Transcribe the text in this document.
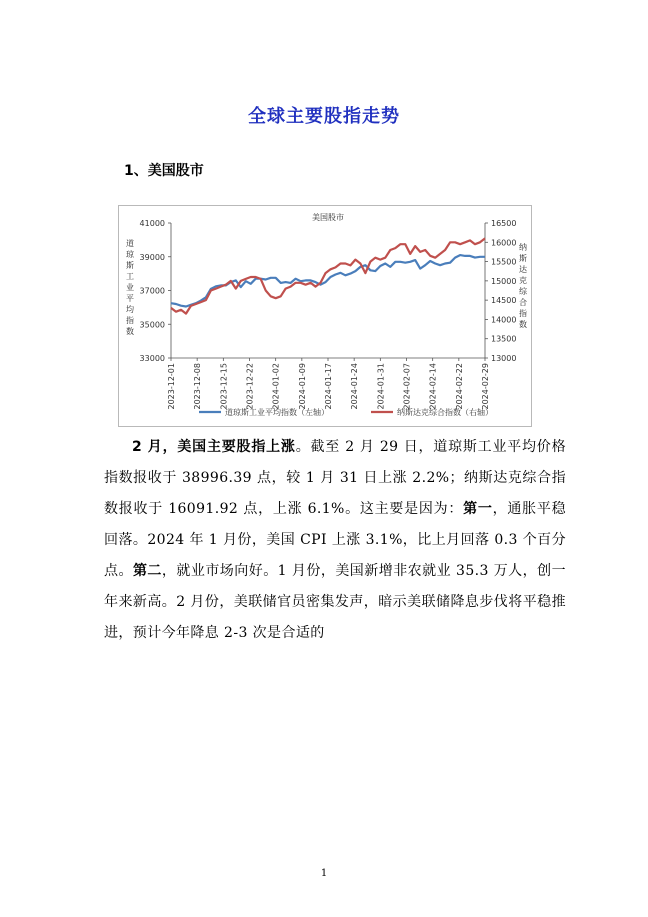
全球主要股指走势
1、美国股市
美国股市
41000
39000
37000
35000
33000
16500
16000
15500
15000
14500
14000
13500
13000
道琼斯工业平均指数
纳斯达克综合指数
2023-12-01 2023-12-08 2023-12-15 2023-12-22 2024-01-02 2024-01-09 2024-01-17 2024-01-24 2024-01-31 2024-02-07 2024-02-14 2024-02-22 2024-02-29
道琼斯工业平均指数（左轴）	纳斯达克综合指数（右轴）
2 月，美国主要股指上涨。截至 2 月 29 日，道琼斯工业平均价格指数报收于 38996.39 点，较 1 月 31 日上涨 2.2%；纳斯达克综合指数报收于 16091.92 点，上涨 6.1%。这主要是因为：第一，通胀平稳回落。2024 年 1 月份，美国 CPI 上涨 3.1%，比上月回落 0.3 个百分点。第二，就业市场向好。1 月份，美国新增非农就业 35.3 万人，创一年来新高。2 月份，美联储官员密集发声，暗示美联储降息步伐将平稳推进，预计今年降息 2-3 次是合适的
1
